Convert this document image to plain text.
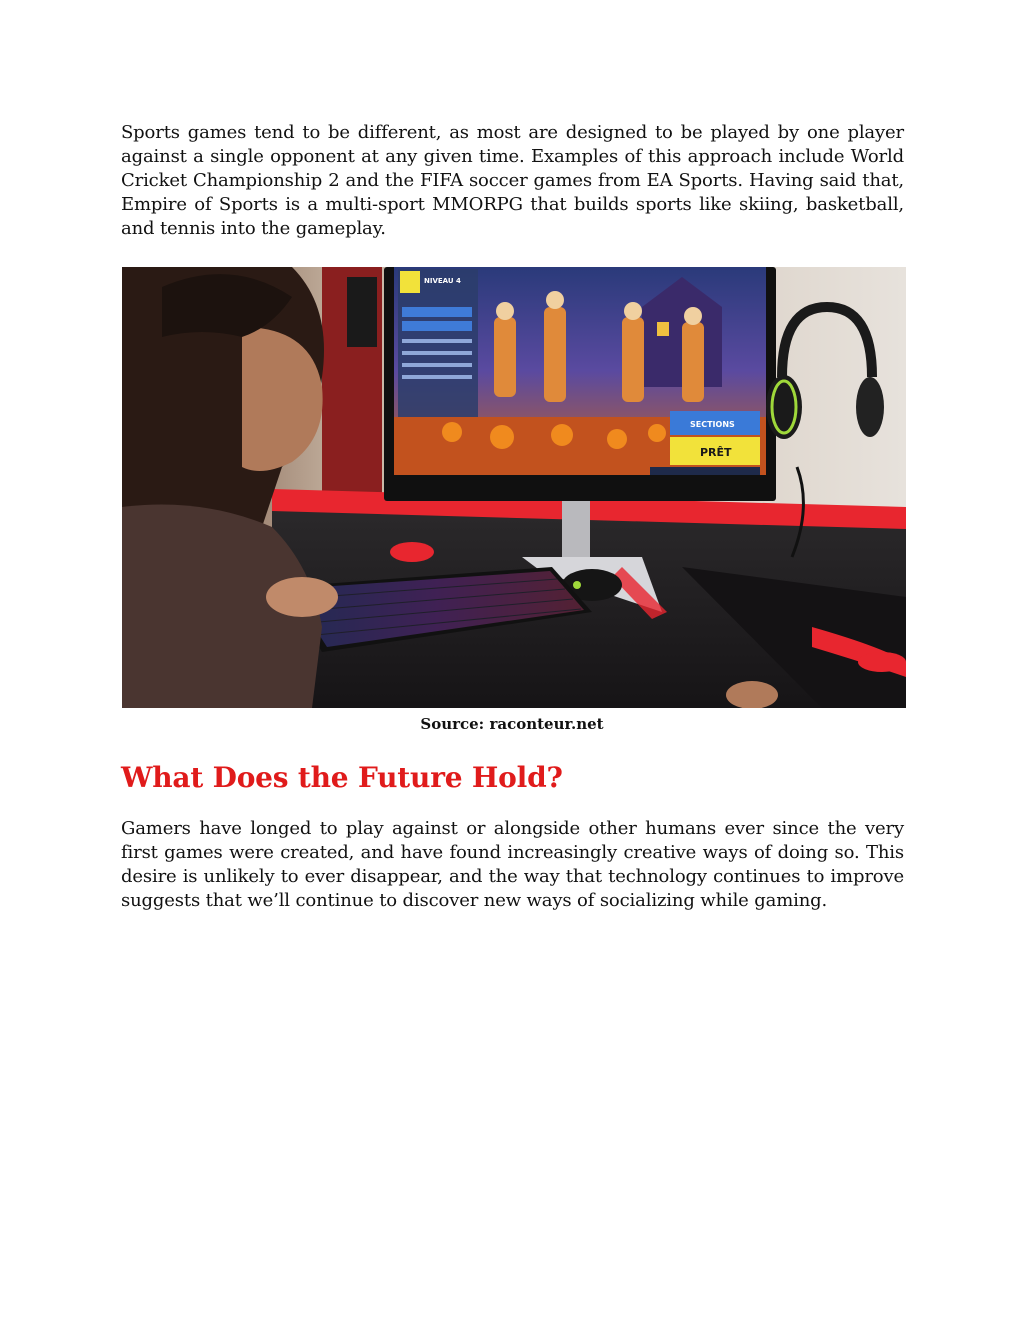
Sports games tend to be different, as most are designed to be played by one player against a single opponent at any given time. Examples of this approach include World Cricket Championship 2 and the FIFA soccer games from EA Sports. Having said that, Empire of Sports is a multi-sport MMORPG that builds sports like skiing, basketball, and tennis into the gameplay.

NIVEAU 4
SECTIONS
PRÊT
Source: raconteur.net
What Does the Future Hold?

Gamers have longed to play against or alongside other humans ever since the very first games were created, and have found increasingly creative ways of doing so. This desire is unlikely to ever disappear, and the way that technology continues to improve suggests that we’ll continue to discover new ways of socializing while gaming.
